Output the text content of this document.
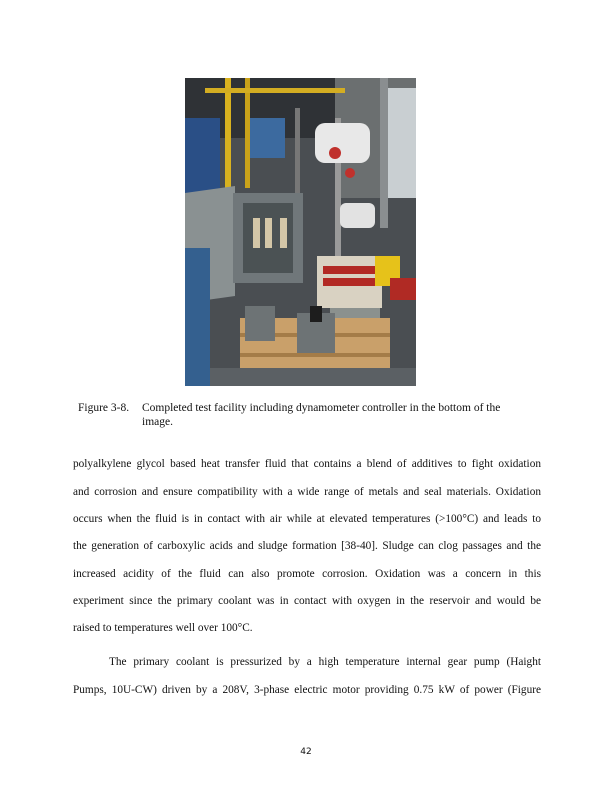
Figure 3-8.	Completed test facility including dynamometer controller in the bottom of the
image.
polyalkylene glycol based heat transfer fluid that contains a blend of additives to fight oxidation
and corrosion and ensure compatibility with a wide range of metals and seal materials. Oxidation
occurs when the fluid is in contact with air while at elevated temperatures (>100°C) and leads to
the generation of carboxylic acids and sludge formation [38-40]. Sludge can clog passages and the
increased acidity of the fluid can also promote corrosion. Oxidation was a concern in this
experiment since the primary coolant was in contact with oxygen in the reservoir and would be
raised to temperatures well over 100°C.
The primary coolant is pressurized by a high temperature internal gear pump (Haight
Pumps, 10U-CW) driven by a 208V, 3-phase electric motor providing 0.75 kW of power (Figure
42
